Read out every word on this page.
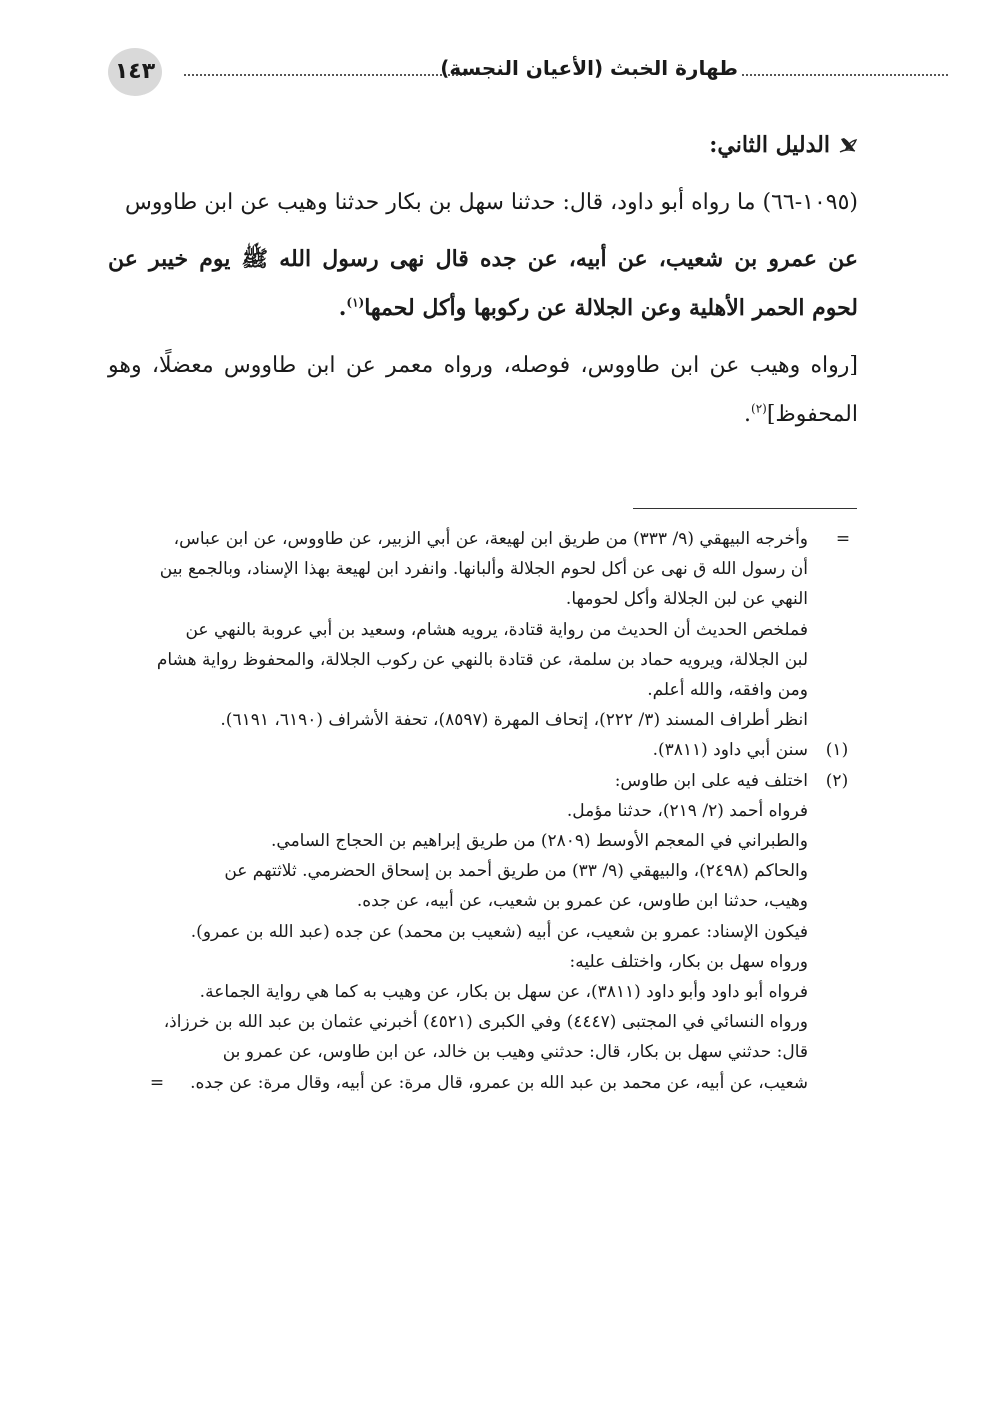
١٤٣	طهارة الخبث (الأعيان النجسة)
الدليل الثاني:

(١٠٩٥-٦٦) ما رواه أبو داود، قال: حدثنا سهل بن بكار حدثنا وهيب عن ابن طاووس

عن عمرو بن شعيب، عن أبيه، عن جده قال نهى رسول الله ﷺ يوم خيبر عن لحوم الحمر الأهلية وعن الجلالة عن ركوبها وأكل لحمها$^{(١)}$.

[رواه وهيب عن ابن طاووس، فوصله، ورواه معمر عن ابن طاووس معضلًا، وهو المحفوظ]$^{(٢)}$.

=

وأخرجه البيهقي (٩/ ٣٣٣) من طريق ابن لهيعة، عن أبي الزبير، عن طاووس، عن ابن عباس،

أن رسول الله ق نهى عن أكل لحوم الجلالة وألبانها. وانفرد ابن لهيعة بهذا الإسناد، وبالجمع بين

النهي عن لبن الجلالة وأكل لحومها.

فملخص الحديث أن الحديث من رواية قتادة، يرويه هشام، وسعيد بن أبي عروبة بالنهي عن

لبن الجلالة، ويرويه حماد بن سلمة، عن قتادة بالنهي عن ركوب الجلالة، والمحفوظ رواية هشام

ومن وافقه، والله أعلم.

انظر أطراف المسند (٣/ ٢٢٢)، إتحاف المهرة (٨٥٩٧)، تحفة الأشراف (٦١٩٠، ٦١٩١).

(١)

سنن أبي داود (٣٨١١).

(٢)

اختلف فيه على ابن طاوس:

فرواه أحمد (٢/ ٢١٩)، حدثنا مؤمل.

والطبراني في المعجم الأوسط (٢٨٠٩) من طريق إبراهيم بن الحجاج السامي.

والحاكم (٢٤٩٨)، والبيهقي (٩/ ٣٣) من طريق أحمد بن إسحاق الحضرمي. ثلاثتهم عن

وهيب، حدثنا ابن طاوس، عن عمرو بن شعيب، عن أبيه، عن جده.

فيكون الإسناد: عمرو بن شعيب، عن أبيه (شعيب بن محمد) عن جده (عبد الله بن عمرو).

ورواه سهل بن بكار، واختلف عليه:

فرواه أبو داود وأبو داود (٣٨١١)، عن سهل بن بكار، عن وهيب به كما هي رواية الجماعة.

ورواه النسائي في المجتبى (٤٤٤٧) وفي الكبرى (٤٥٢١) أخبرني عثمان بن عبد الله بن خرزاذ،

قال: حدثني سهل بن بكار، قال: حدثني وهيب بن خالد، عن ابن طاوس، عن عمرو بن

شعيب، عن أبيه، عن محمد بن عبد الله بن عمرو، قال مرة: عن أبيه، وقال مرة: عن جده.=
